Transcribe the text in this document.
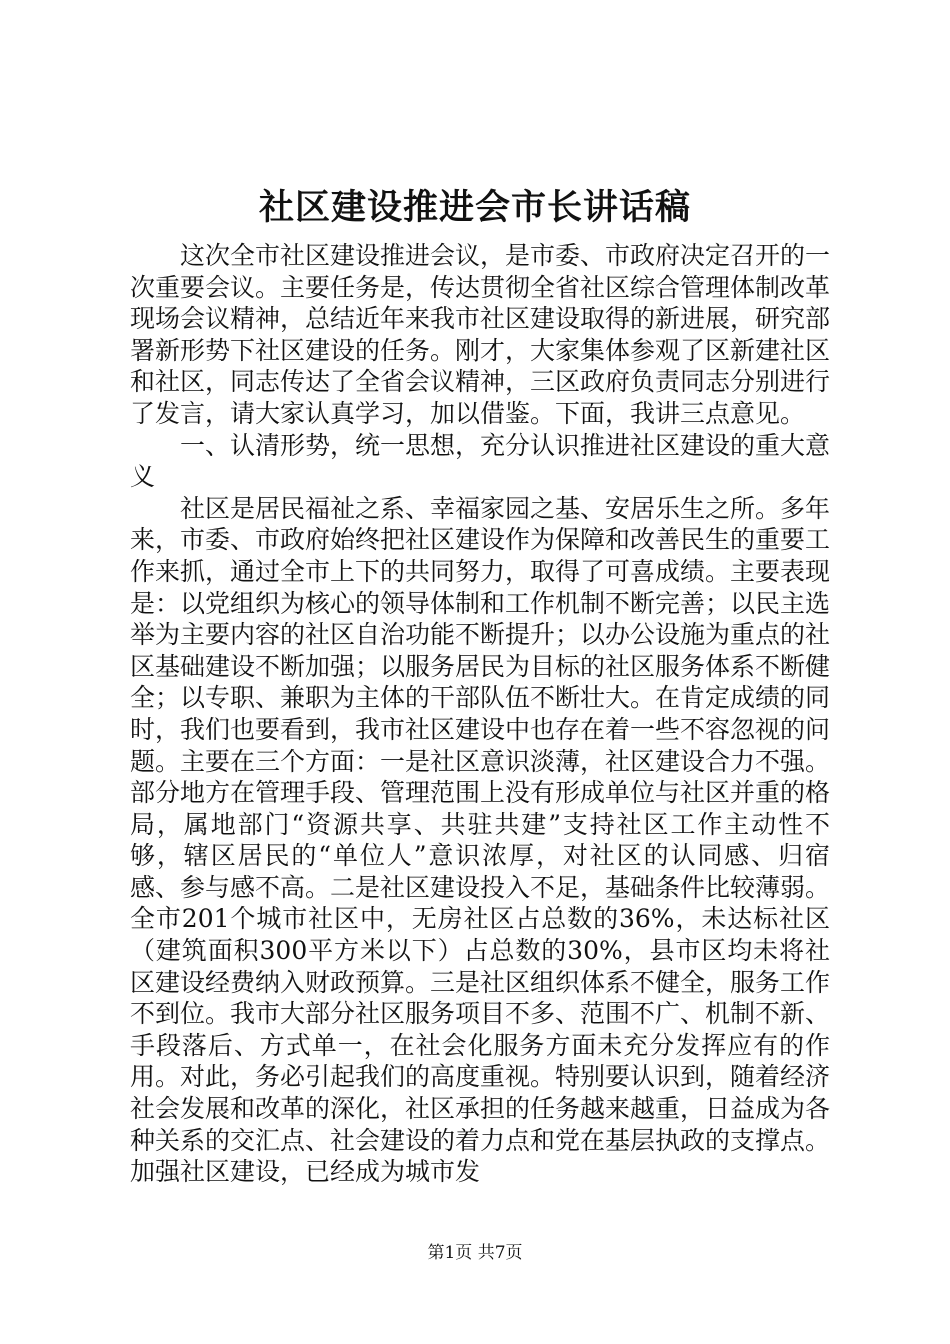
社区建设推进会市长讲话稿

这次全市社区建设推进会议，是市委、市政府决定召开的一次重要会议。主要任务是，传达贯彻全省社区综合管理体制改革现场会议精神，总结近年来我市社区建设取得的新进展，研究部署新形势下社区建设的任务。刚才，大家集体参观了区新建社区和社区，同志传达了全省会议精神，三区政府负责同志分别进行了发言，请大家认真学习，加以借鉴。下面，我讲三点意见。

一、认清形势，统一思想，充分认识推进社区建设的重大意义

社区是居民福祉之系、幸福家园之基、安居乐生之所。多年来，市委、市政府始终把社区建设作为保障和改善民生的重要工作来抓，通过全市上下的共同努力，取得了可喜成绩。主要表现是：以党组织为核心的领导体制和工作机制不断完善；以民主选举为主要内容的社区自治功能不断提升；以办公设施为重点的社区基础建设不断加强；以服务居民为目标的社区服务体系不断健全；以专职、兼职为主体的干部队伍不断壮大。在肯定成绩的同时，我们也要看到，我市社区建设中也存在着一些不容忽视的问题。主要在三个方面：一是社区意识淡薄，社区建设合力不强。部分地方在管理手段、管理范围上没有形成单位与社区并重的格局，属地部门“资源共享、共驻共建”支持社区工作主动性不够，辖区居民的“单位人”意识浓厚，对社区的认同感、归宿感、参与感不高。二是社区建设投入不足，基础条件比较薄弱。全市201个城市社区中，无房社区占总数的36%，未达标社区（建筑面积300平方米以下）占总数的30%，县市区均未将社区建设经费纳入财政预算。三是社区组织体系不健全，服务工作不到位。我市大部分社区服务项目不多、范围不广、机制不新、手段落后、方式单一，在社会化服务方面未充分发挥应有的作用。对此，务必引起我们的高度重视。特别要认识到，随着经济社会发展和改革的深化，社区承担的任务越来越重，日益成为各种关系的交汇点、社会建设的着力点和党在基层执政的支撑点。加强社区建设，已经成为城市发

第1页 共7页
